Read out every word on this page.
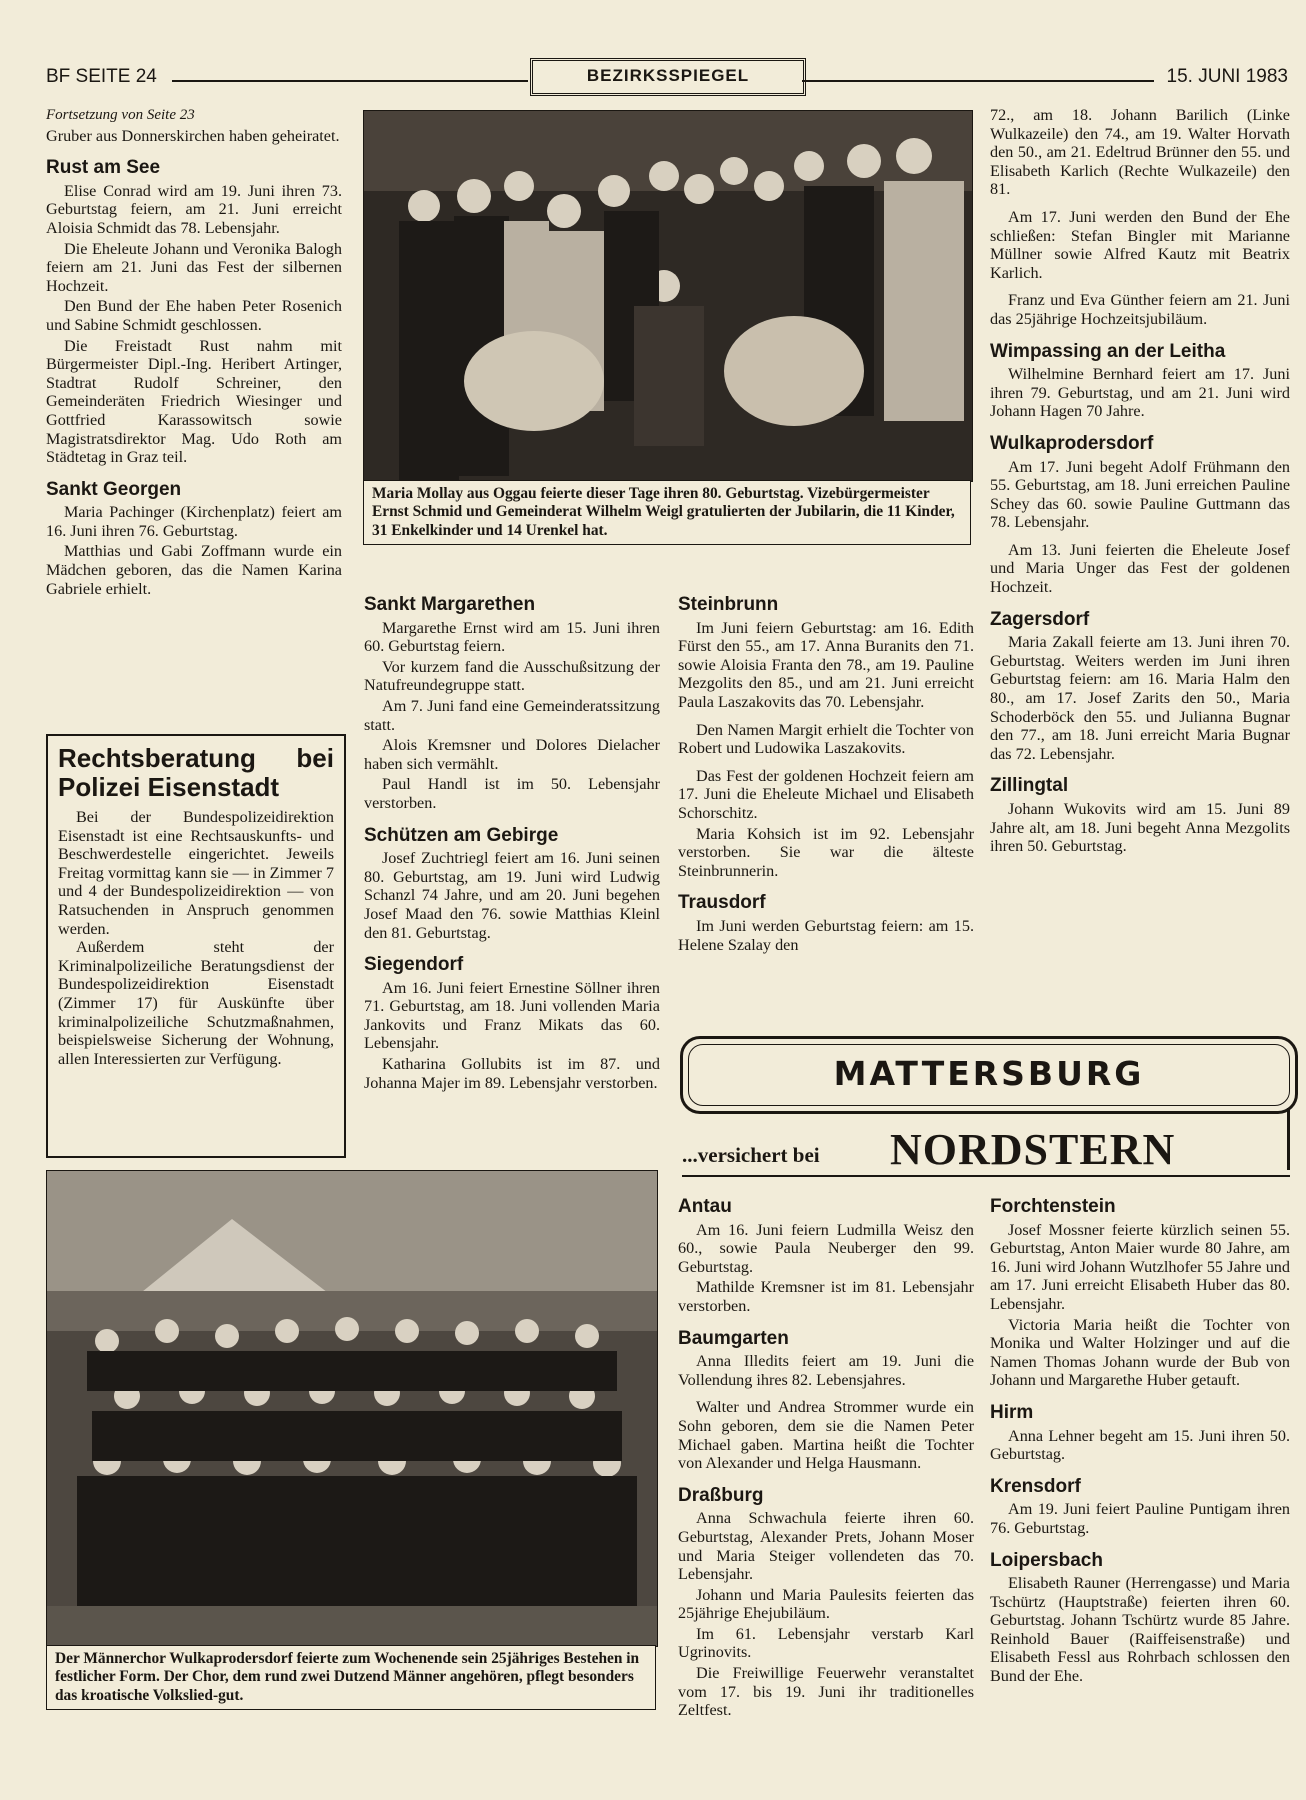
BF SEITE 24	BEZIRKSSPIEGEL	15. JUNI 1983
Fortsetzung von Seite 23

Gruber aus Donnerskirchen haben geheiratet.

Rust am See

Elise Conrad wird am 19. Juni ihren 73. Geburtstag feiern, am 21. Juni erreicht Aloisia Schmidt das 78. Lebensjahr.

Die Eheleute Johann und Veronika Balogh feiern am 21. Juni das Fest der silbernen Hochzeit.

Den Bund der Ehe haben Peter Rosenich und Sabine Schmidt geschlossen.

Die Freistadt Rust nahm mit Bürgermeister Dipl.-Ing. Heribert Artinger, Stadtrat Rudolf Schreiner, den Gemeinderäten Friedrich Wiesinger und Gottfried Karassowitsch sowie Magistratsdirektor Mag. Udo Roth am Städtetag in Graz teil.

Sankt Georgen

Maria Pachinger (Kirchenplatz) feiert am 16. Juni ihren 76. Geburtstag.

Matthias und Gabi Zoffmann wurde ein Mädchen geboren, das die Namen Karina Gabriele erhielt.

Rechtsberatung bei Polizei Eisenstadt

Bei der Bundespolizeidirektion Eisenstadt ist eine Rechtsauskunfts- und Beschwerdestelle eingerichtet. Jeweils Freitag vormittag kann sie — in Zimmer 7 und 4 der Bundespolizeidirektion — von Ratsuchenden in Anspruch genommen werden.

Außerdem steht der Kriminalpolizeiliche Beratungsdienst der Bundespolizeidirektion Eisenstadt (Zimmer 17) für Auskünfte über kriminalpolizeiliche Schutzmaßnahmen, beispielsweise Sicherung der Wohnung, allen Interessierten zur Verfügung.

Maria Mollay aus Oggau feierte dieser Tage ihren 80. Geburtstag. Vizebürgermeister Ernst Schmid und Gemeinderat Wilhelm Weigl gratulierten der Jubilarin, die 11 Kinder, 31 Enkelkinder und 14 Urenkel hat.
Sankt Margarethen

Margarethe Ernst wird am 15. Juni ihren 60. Geburtstag feiern.

Vor kurzem fand die Ausschußsitzung der Natufreundegruppe statt.

Am 7. Juni fand eine Gemeinderatssitzung statt.

Alois Kremsner und Dolores Dielacher haben sich vermählt.

Paul Handl ist im 50. Lebensjahr verstorben.

Schützen am Gebirge

Josef Zuchtriegl feiert am 16. Juni seinen 80. Geburtstag, am 19. Juni wird Ludwig Schanzl 74 Jahre, und am 20. Juni begehen Josef Maad den 76. sowie Matthias Kleinl den 81. Geburtstag.

Siegendorf

Am 16. Juni feiert Ernestine Söllner ihren 71. Geburtstag, am 18. Juni vollenden Maria Jankovits und Franz Mikats das 60. Lebensjahr.

Katharina Gollubits ist im 87. und Johanna Majer im 89. Lebensjahr verstorben.

Steinbrunn

Im Juni feiern Geburtstag: am 16. Edith Fürst den 55., am 17. Anna Buranits den 71. sowie Aloisia Franta den 78., am 19. Pauline Mezgolits den 85., und am 21. Juni erreicht Paula Laszakovits das 70. Lebensjahr.

Den Namen Margit erhielt die Tochter von Robert und Ludowika Laszakovits.

Das Fest der goldenen Hochzeit feiern am 17. Juni die Eheleute Michael und Elisabeth Schorschitz.

Maria Kohsich ist im 92. Lebensjahr verstorben. Sie war die älteste Steinbrunnerin.

Trausdorf

Im Juni werden Geburtstag feiern: am 15. Helene Szalay den

72., am 18. Johann Barilich (Linke Wulkazeile) den 74., am 19. Walter Horvath den 50., am 21. Edeltrud Brünner den 55. und Elisabeth Karlich (Rechte Wulkazeile) den 81.

Am 17. Juni werden den Bund der Ehe schließen: Stefan Bingler mit Marianne Müllner sowie Alfred Kautz mit Beatrix Karlich.

Franz und Eva Günther feiern am 21. Juni das 25jährige Hochzeitsjubiläum.

Wimpassing an der Leitha

Wilhelmine Bernhard feiert am 17. Juni ihren 79. Geburtstag, und am 21. Juni wird Johann Hagen 70 Jahre.

Wulkaprodersdorf

Am 17. Juni begeht Adolf Frühmann den 55. Geburtstag, am 18. Juni erreichen Pauline Schey das 60. sowie Pauline Guttmann das 78. Lebensjahr.

Am 13. Juni feierten die Eheleute Josef und Maria Unger das Fest der goldenen Hochzeit.

Zagersdorf

Maria Zakall feierte am 13. Juni ihren 70. Geburtstag. Weiters werden im Juni ihren Geburtstag feiern: am 16. Maria Halm den 80., am 17. Josef Zarits den 50., Maria Schoderböck den 55. und Julianna Bugnar den 77., am 18. Juni erreicht Maria Bugnar das 72. Lebensjahr.

Zillingtal

Johann Wukovits wird am 15. Juni 89 Jahre alt, am 18. Juni begeht Anna Mezgolits ihren 50. Geburtstag.

MATTERSBURG
...versichert bei NORDSTERN
Der Männerchor Wulkaprodersdorf feierte zum Wochenende sein 25jähriges Bestehen in festlicher Form. Der Chor, dem rund zwei Dutzend Männer angehören, pflegt besonders das kroatische Volkslied-gut.
Antau

Am 16. Juni feiern Ludmilla Weisz den 60., sowie Paula Neuberger den 99. Geburtstag.

Mathilde Kremsner ist im 81. Lebensjahr verstorben.

Baumgarten

Anna Illedits feiert am 19. Juni die Vollendung ihres 82. Lebensjahres.

Walter und Andrea Strommer wurde ein Sohn geboren, dem sie die Namen Peter Michael gaben. Martina heißt die Tochter von Alexander und Helga Hausmann.

Draßburg

Anna Schwachula feierte ihren 60. Geburtstag, Alexander Prets, Johann Moser und Maria Steiger vollendeten das 70. Lebensjahr.

Johann und Maria Paulesits feierten das 25jährige Ehejubiläum.

Im 61. Lebensjahr verstarb Karl Ugrinovits.

Die Freiwillige Feuerwehr veranstaltet vom 17. bis 19. Juni ihr traditionelles Zeltfest.

Forchtenstein

Josef Mossner feierte kürzlich seinen 55. Geburtstag, Anton Maier wurde 80 Jahre, am 16. Juni wird Johann Wutzlhofer 55 Jahre und am 17. Juni erreicht Elisabeth Huber das 80. Lebensjahr.

Victoria Maria heißt die Tochter von Monika und Walter Holzinger und auf die Namen Thomas Johann wurde der Bub von Johann und Margarethe Huber getauft.

Hirm

Anna Lehner begeht am 15. Juni ihren 50. Geburtstag.

Krensdorf

Am 19. Juni feiert Pauline Puntigam ihren 76. Geburtstag.

Loipersbach

Elisabeth Rauner (Herrengasse) und Maria Tschürtz (Hauptstraße) feierten ihren 60. Geburtstag. Johann Tschürtz wurde 85 Jahre. Reinhold Bauer (Raiffeisenstraße) und Elisabeth Fessl aus Rohrbach schlossen den Bund der Ehe.
